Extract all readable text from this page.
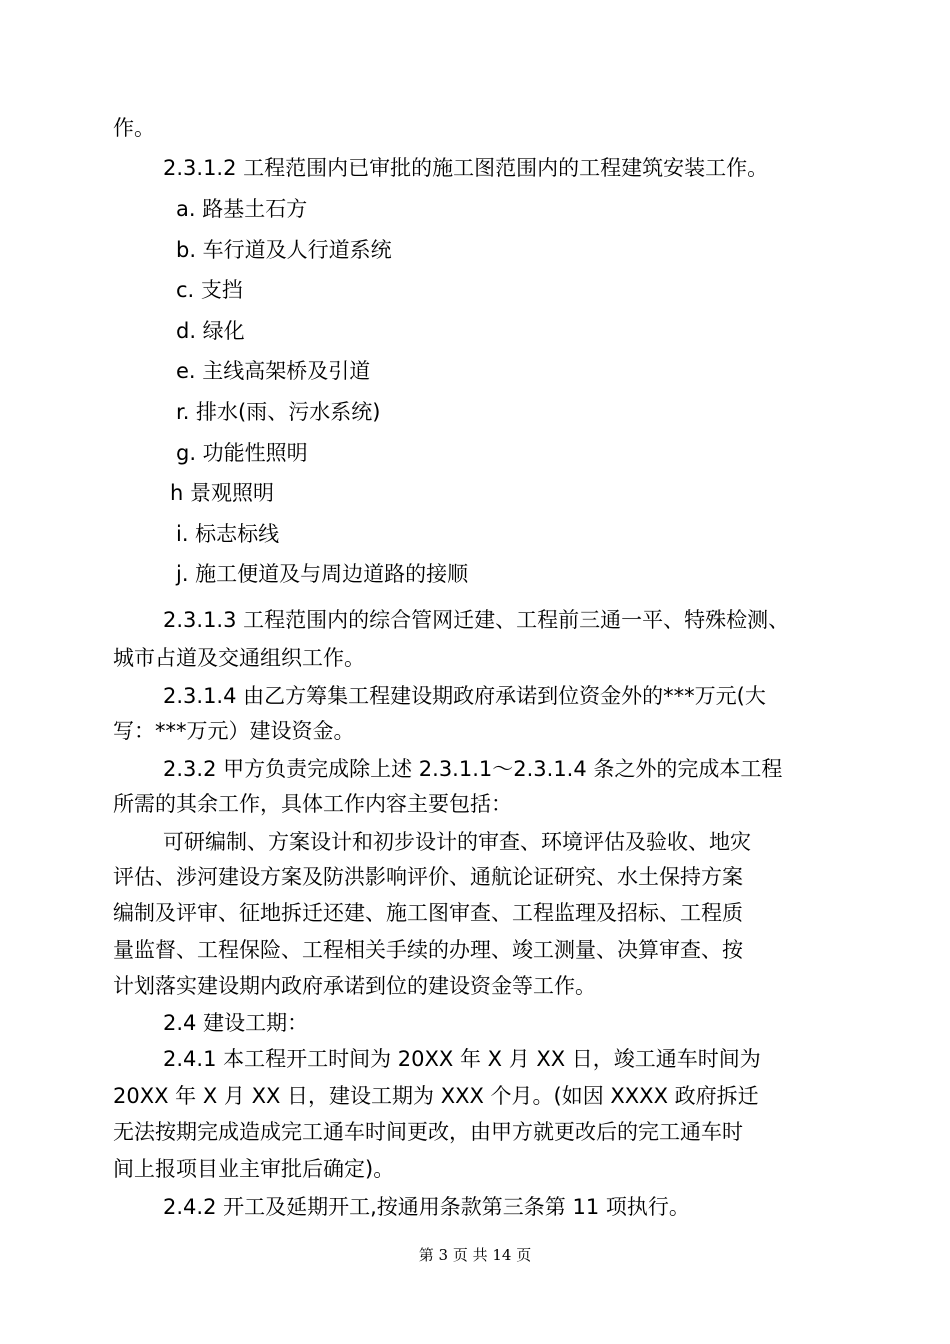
作。
2.3.1.2 工程范围内已审批的施工图范围内的工程建筑安装工作。
a. 路基土石方
b. 车行道及人行道系统
c. 支挡
d. 绿化
e. 主线高架桥及引道
r. 排水(雨、污水系统)
g. 功能性照明
h 景观照明
i. 标志标线
j. 施工便道及与周边道路的接顺
2.3.1.3 工程范围内的综合管网迁建、工程前三通一平、特殊检测、
城市占道及交通组织工作。
2.3.1.4 由乙方筹集工程建设期政府承诺到位资金外的***万元(大
写：***万元）建设资金。
2.3.2 甲方负责完成除上述 2.3.1.1～2.3.1.4 条之外的完成本工程
所需的其余工作，具体工作内容主要包括：
可研编制、方案设计和初步设计的审查、环境评估及验收、地灾
评估、涉河建设方案及防洪影响评价、通航论证研究、水土保持方案
编制及评审、征地拆迁还建、施工图审查、工程监理及招标、工程质
量监督、工程保险、工程相关手续的办理、竣工测量、决算审查、按
计划落实建设期内政府承诺到位的建设资金等工作。
2.4 建设工期：
2.4.1 本工程开工时间为 20XX 年 X 月 XX 日，竣工通车时间为
20XX 年 X 月 XX 日，建设工期为 XXX 个月。(如因 XXXX 政府拆迁
无法按期完成造成完工通车时间更改，由甲方就更改后的完工通车时
间上报项目业主审批后确定)。
2.4.2 开工及延期开工,按通用条款第三条第 11 项执行。
第 3 页 共 14 页
